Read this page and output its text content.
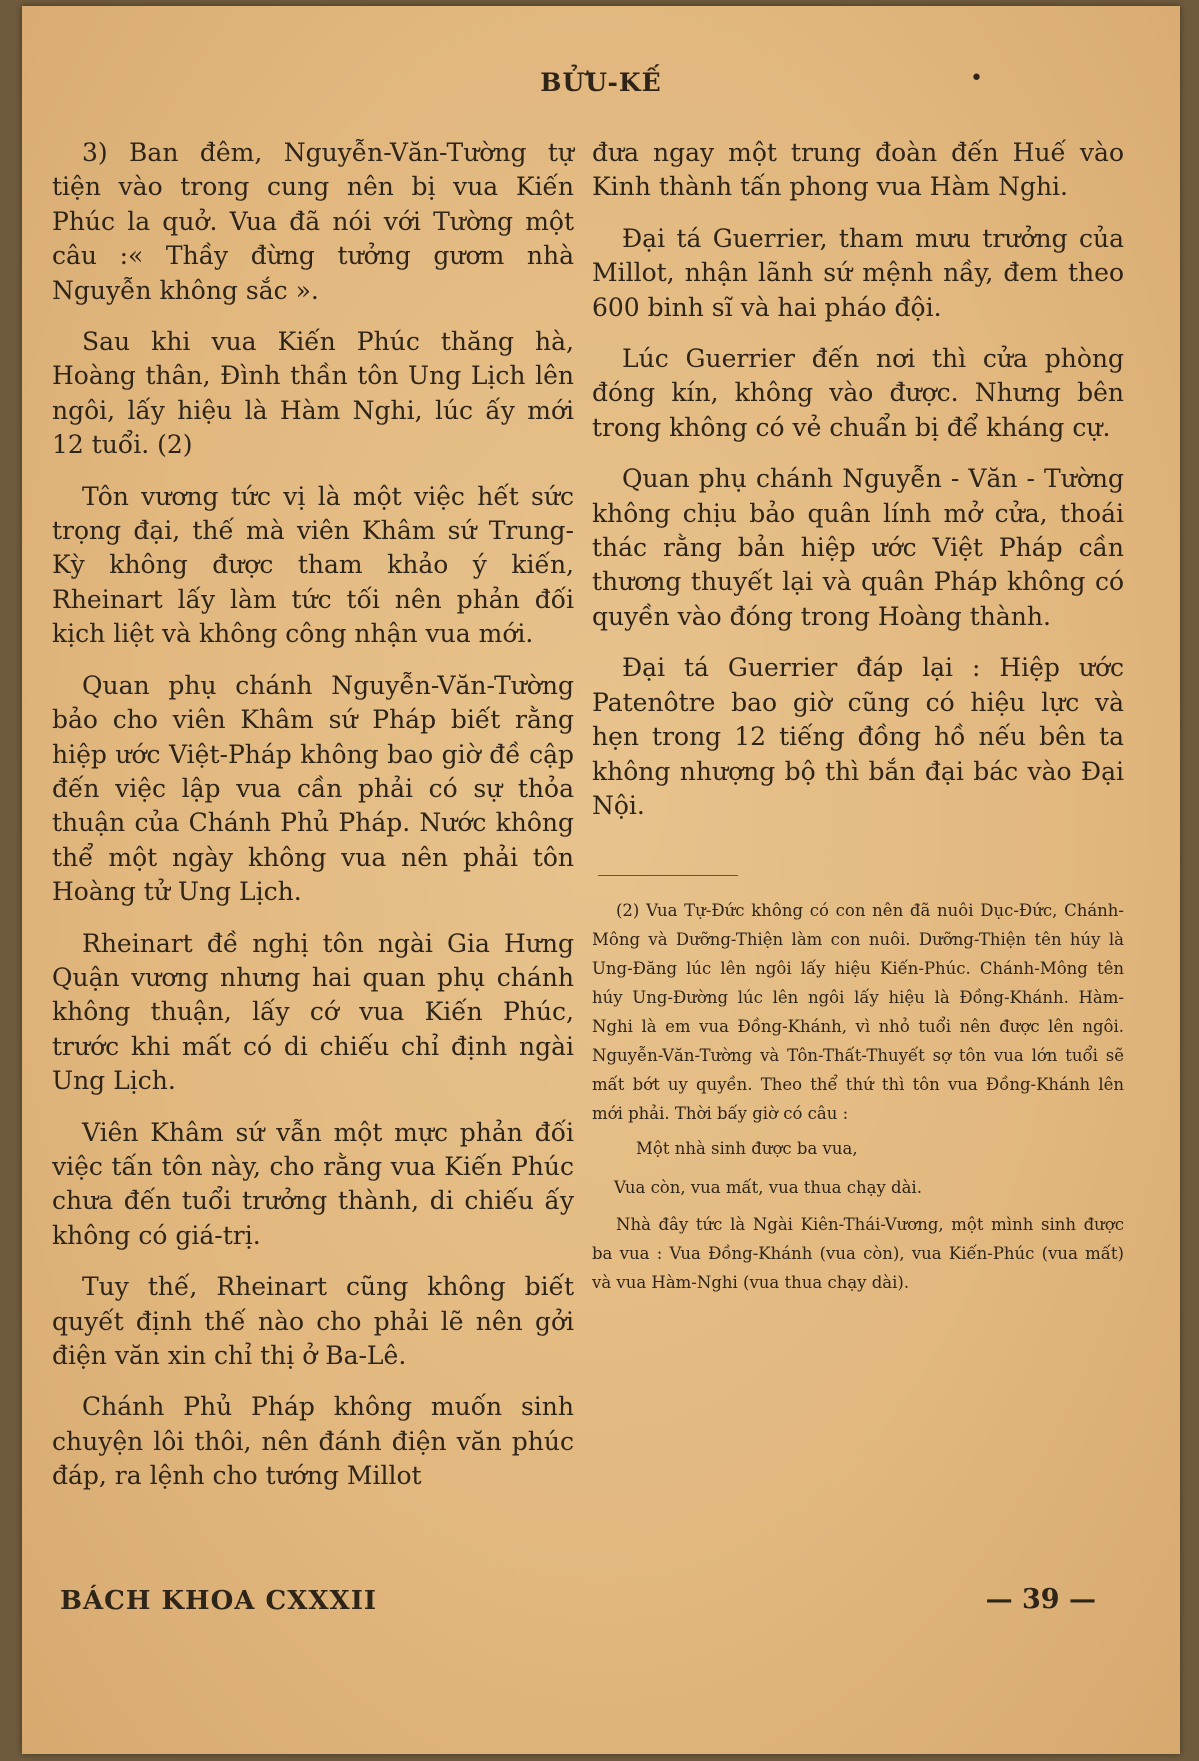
BỬU-KẾ	•

3) Ban đêm, Nguyễn-Văn-Tường tự tiện vào trong cung nên bị vua Kiến Phúc la quở. Vua đã nói với Tường một câu :« Thầy đừng tưởng gươm nhà Nguyễn không sắc ».

Sau khi vua Kiến Phúc thăng hà, Hoàng thân, Đình thần tôn Ung Lịch lên ngôi, lấy hiệu là Hàm Nghi, lúc ấy mới 12 tuổi. (2)

Tôn vương tức vị là một việc hết sức trọng đại, thế mà viên Khâm sứ Trung-Kỳ không được tham khảo ý kiến, Rheinart lấy làm tức tối nên phản đối kịch liệt và không công nhận vua mới.

Quan phụ chánh Nguyễn-Văn-Tường bảo cho viên Khâm sứ Pháp biết rằng hiệp ước Việt-Pháp không bao giờ đề cập đến việc lập vua cần phải có sự thỏa thuận của Chánh Phủ Pháp. Nước không thể một ngày không vua nên phải tôn Hoàng tử Ung Lịch.

Rheinart đề nghị tôn ngài Gia Hưng Quận vương nhưng hai quan phụ chánh không thuận, lấy cớ vua Kiến Phúc, trước khi mất có di chiếu chỉ định ngài Ung Lịch.

Viên Khâm sứ vẫn một mực phản đối việc tấn tôn này, cho rằng vua Kiến Phúc chưa đến tuổi trưởng thành, di chiếu ấy không có giá-trị.

Tuy thế, Rheinart cũng không biết quyết định thế nào cho phải lẽ nên gởi điện văn xin chỉ thị ở Ba-Lê.

Chánh Phủ Pháp không muốn sinh chuyện lôi thôi, nên đánh điện văn phúc đáp, ra lệnh cho tướng Millot

đưa ngay một trung đoàn đến Huế vào Kinh thành tấn phong vua Hàm Nghi.

Đại tá Guerrier, tham mưu trưởng của Millot, nhận lãnh sứ mệnh nầy, đem theo 600 binh sĩ và hai pháo đội.

Lúc Guerrier đến nơi thì cửa phòng đóng kín, không vào được. Nhưng bên trong không có vẻ chuẩn bị để kháng cự.

Quan phụ chánh Nguyễn - Văn - Tường không chịu bảo quân lính mở cửa, thoái thác rằng bản hiệp ước Việt Pháp cần thương thuyết lại và quân Pháp không có quyền vào đóng trong Hoàng thành.

Đại tá Guerrier đáp lại : Hiệp ước Patenôtre bao giờ cũng có hiệu lực và hẹn trong 12 tiếng đồng hồ nếu bên ta không nhượng bộ thì bắn đại bác vào Đại Nội.

(2) Vua Tự-Đức không có con nên đã nuôi Dục-Đức, Chánh-Mông và Dưỡng-Thiện làm con nuôi. Dưỡng-Thiện tên húy là Ung-Đăng lúc lên ngôi lấy hiệu Kiến-Phúc. Chánh-Mông tên húy Ung-Đường lúc lên ngôi lấy hiệu là Đồng-Khánh. Hàm-Nghi là em vua Đồng-Khánh, vì nhỏ tuổi nên được lên ngôi. Nguyễn-Văn-Tường và Tôn-Thất-Thuyết sợ tôn vua lớn tuổi sẽ mất bớt uy quyền. Theo thể thứ thì tôn vua Đồng-Khánh lên mới phải. Thời bấy giờ có câu :

Một nhà sinh được ba vua,

Vua còn, vua mất, vua thua chạy dài.

Nhà đây tức là Ngài Kiên-Thái-Vương, một mình sinh được ba vua : Vua Đồng-Khánh (vua còn), vua Kiến-Phúc (vua mất) và vua Hàm-Nghi (vua thua chạy dài).

BÁCH KHOA CXXXII	— 39 —
